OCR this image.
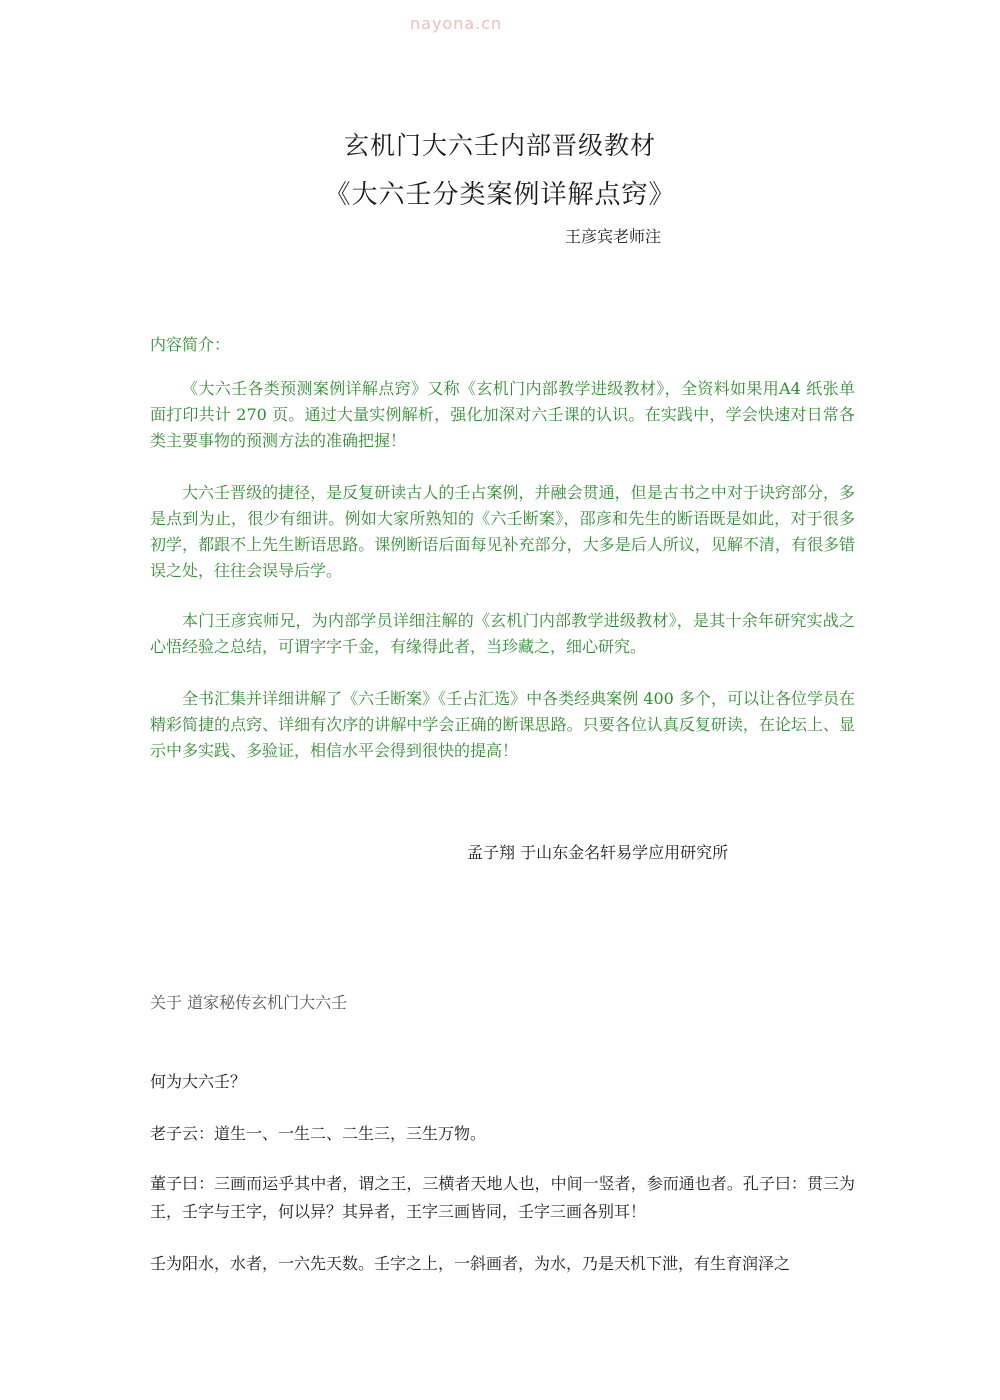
nayona.cn
玄机门大六壬内部晋级教材
《大六壬分类案例详解点窍》
王彦宾老师注
内容简介：

《大六壬各类预测案例详解点窍》又称《玄机门内部教学进级教材》，全资料如果用A4 纸张单面打印共计 270 页。通过大量实例解析，强化加深对六壬课的认识。在实践中，学会快速对日常各类主要事物的预测方法的准确把握！

大六壬晋级的捷径，是反复研读古人的壬占案例，并融会贯通，但是古书之中对于诀窍部分，多是点到为止，很少有细讲。例如大家所熟知的《六壬断案》，邵彦和先生的断语既是如此，对于很多初学，都跟不上先生断语思路。课例断语后面每见补充部分，大多是后人所议，见解不清，有很多错误之处，往往会误导后学。

本门王彦宾师兄，为内部学员详细注解的《玄机门内部教学进级教材》，是其十余年研究实战之心悟经验之总结，可谓字字千金，有缘得此者，当珍藏之，细心研究。

全书汇集并详细讲解了《六壬断案》《壬占汇选》中各类经典案例 400 多个，可以让各位学员在精彩简捷的点窍、详细有次序的讲解中学会正确的断课思路。只要各位认真反复研读，在论坛上、显示中多实践、多验证，相信水平会得到很快的提高！

孟子翔 于山东金名轩易学应用研究所
关于 道家秘传玄机门大六壬

何为大六壬？

老子云：道生一、一生二、二生三，三生万物。

董子曰：三画而运乎其中者，谓之王，三横者天地人也，中间一竖者，参而通也者。孔子曰：贯三为王，壬字与王字，何以异？其异者，王字三画皆同，壬字三画各别耳！

壬为阳水，水者，一六先天数。壬字之上，一斜画者，为水，乃是天机下泄，有生育润泽之
